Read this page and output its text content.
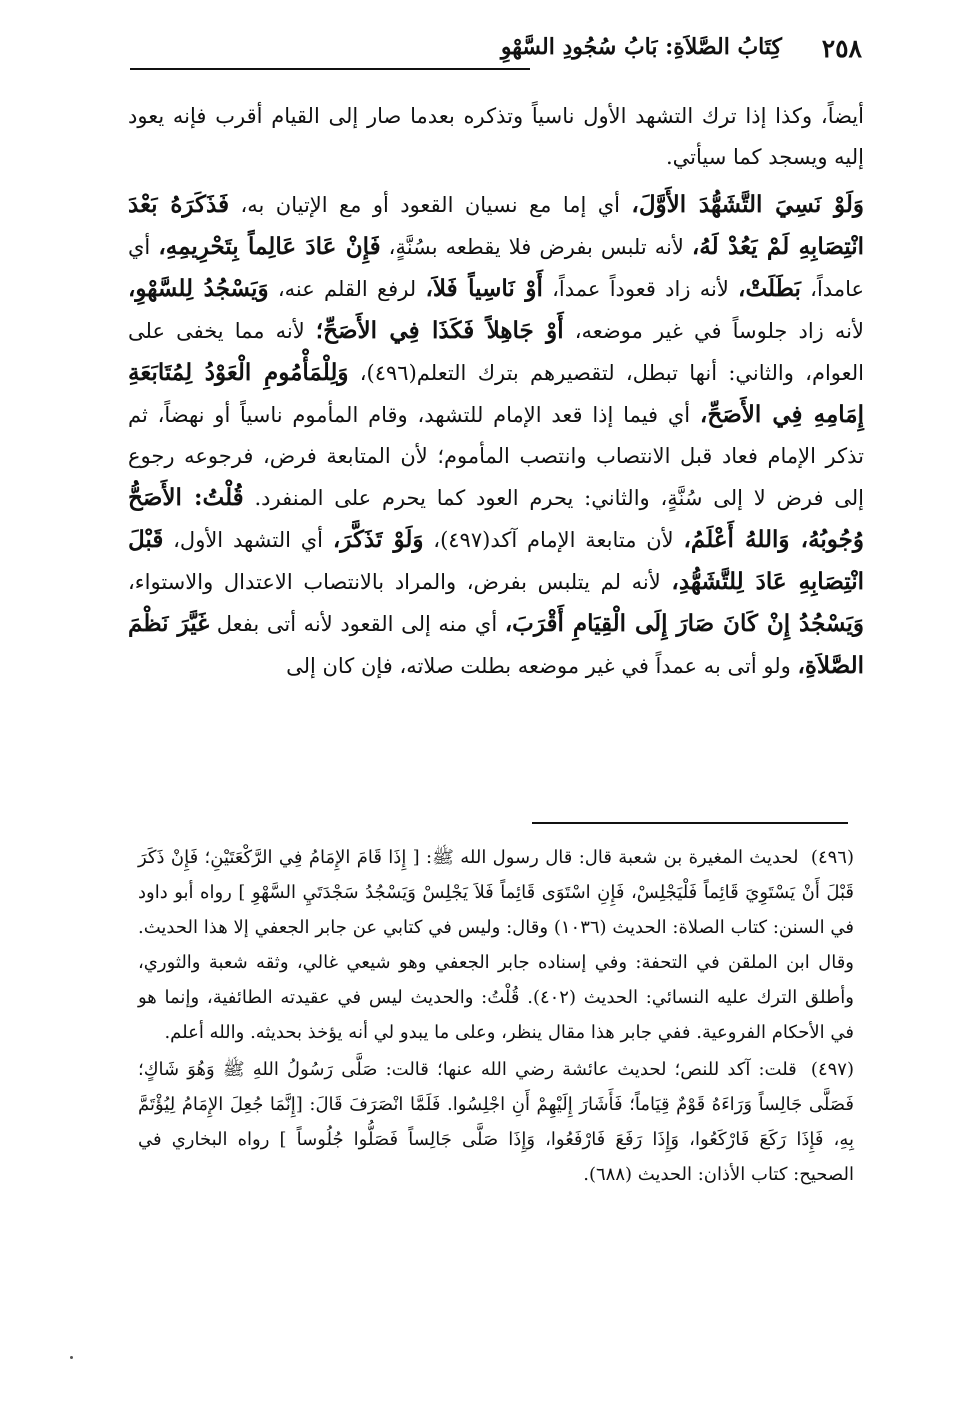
٢٥٨
كِتَابُ الصَّلاَةِ: بَابُ سُجُودِ السَّهْوِ

أيضاً، وكذا إذا ترك التشهد الأول ناسياً وتذكره بعدما صار إلى القيام أقرب فإنه يعود إليه ويسجد كما سيأتي.

وَلَوْ نَسِيَ التَّشَهُّدَ الأَوَّلَ، أي إما مع نسيان القعود أو مع الإتيان به، فَذَكَرَهُ بَعْدَ انْتِصَابِهِ لَمْ يَعُدْ لَهُ، لأنه تلبس بفرض فلا يقطعه بسُنَّةٍ، فَإِنْ عَادَ عَالِماً بِتَحْرِيمِهِ، أي عامداً، بَطَلَتْ، لأنه زاد قعوداً عمداً، أَوْ نَاسِياً فَلاَ، لرفع القلم عنه، وَيَسْجُدُ لِلسَّهْوِ، لأنه زاد جلوساً في غير موضعه، أَوْ جَاهِلاً فَكَذَا فِي الأَصَحِّ؛ لأنه مما يخفى على العوام، والثاني: أنها تبطل، لتقصيرهم بترك التعلم(٤٩٦)، وَلِلْمَأْمُومِ الْعَوْدُ لِمُتَابَعَةِ إِمَامِهِ فِي الأَصَحِّ، أي فيما إذا قعد الإمام للتشهد، وقام المأموم ناسياً أو نهضاً، ثم تذكر الإمام فعاد قبل الانتصاب وانتصب المأموم؛ لأن المتابعة فرض، فرجوعه رجوع إلى فرض لا إلى سُنَّةٍ، والثاني: يحرم العود كما يحرم على المنفرد. قُلْتُ: الأَصَحُّ وُجُوبُهُ، وَاللهُ أَعْلَمُ، لأن متابعة الإمام آكد(٤٩٧)، وَلَوْ تَذَكَّرَ، أي التشهد الأول، قَبْلَ انْتِصَابِهِ عَادَ لِلتَّشَهُّدِ، لأنه لم يتلبس بفرض، والمراد بالانتصاب الاعتدال والاستواء، وَيَسْجُدُ إِنْ كَانَ صَارَ إِلَى الْقِيَامِ أَقْرَبَ، أي منه إلى القعود لأنه أتى بفعل غَيَّرَ نَظْمَ الصَّلاَةِ، ولو أتى به عمداً في غير موضعه بطلت صلاته، فإن كان إلى

(٤٩٦) لحديث المغيرة بن شعبة قال: قال رسول الله ﷺ: [ إِذَا قَامَ الإِمَامُ فِي الرَّكْعَتَيْنِ؛ فَإِنْ ذَكَرَ قَبْلَ أَنْ يَسْتَوِيَ قَائِماً فَلْيَجْلِسْ، فَإِنِ اسْتَوَى قَائِماً فَلاَ يَجْلِسْ وَيَسْجُدُ سَجْدَتَيِ السَّهْوِ ] رواه أبو داود في السنن: كتاب الصلاة: الحديث (١٠٣٦) وقال: وليس في كتابي عن جابر الجعفي إلا هذا الحديث. وقال ابن الملقن في التحفة: وفي إسناده جابر الجعفي وهو شيعي غالي، وثقه شعبة والثوري، وأطلق الترك عليه النسائي: الحديث (٤٠٢). قُلْتُ: والحديث ليس في عقيدته الطائفية، وإنما هو في الأحكام الفروعية. ففي جابر هذا مقال ينظر، وعلى ما يبدو لي أنه يؤخذ بحديثه. والله أعلم.

(٤٩٧) قلت: آكد للنص؛ لحديث عائشة رضي الله عنها؛ قالت: صَلَّى رَسُولُ اللهِ ﷺ وَهُوَ شَاكٍ؛ فَصَلَّى جَالِساً وَرَاءَهُ قَوْمٌ قِيَاماً؛ فَأَشَارَ إِلَيْهِمْ أَنِ اجْلِسُوا. فَلَمَّا انْصَرَفَ قَالَ: [إِنَّمَا جُعِلَ الإِمَامُ لِيُؤْتَمَّ بِهِ، فَإِذَا رَكَعَ فَارْكَعُوا، وَإِذَا رَفَعَ فَارْفَعُوا، وَإِذَا صَلَّى جَالِساً فَصَلُّوا جُلُوساً ] رواه البخاري في الصحيح: كتاب الأذان: الحديث (٦٨٨).
